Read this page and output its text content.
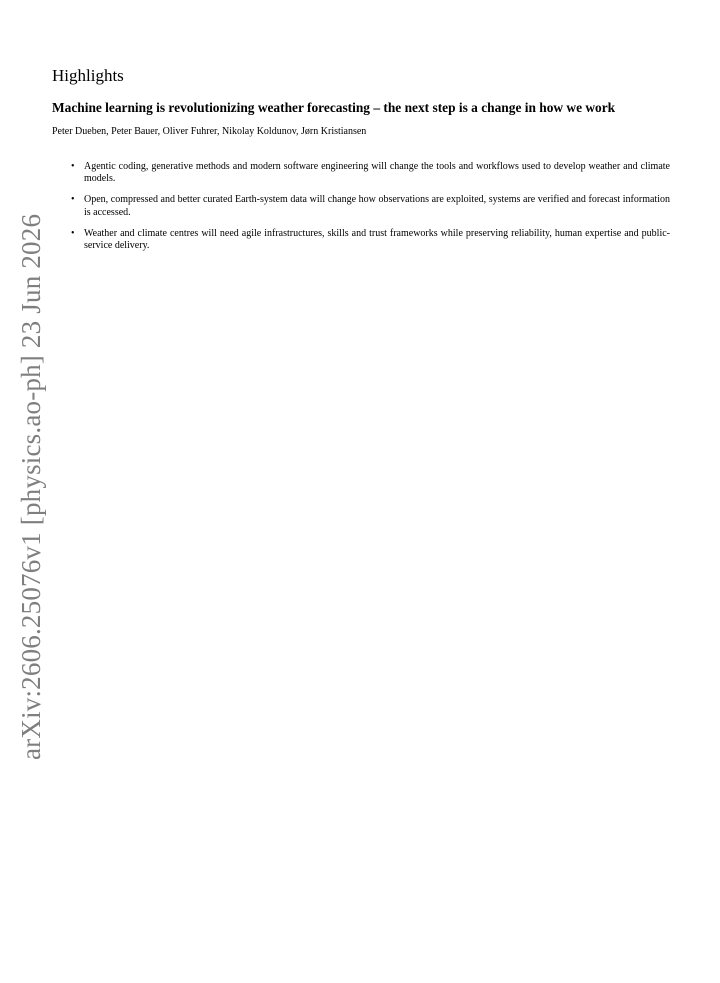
arXiv:2606.25076v1 [physics.ao-ph] 23 Jun 2026
Highlights
Machine learning is revolutionizing weather forecasting – the next step is a change in how we work

Peter Dueben, Peter Bauer, Oliver Fuhrer, Nikolay Koldunov, Jørn Kristiansen

• Agentic coding, generative methods and modern software engineering will change the tools and workflows used to develop weather and climate models.
• Open, compressed and better curated Earth-system data will change how observations are exploited, systems are verified and forecast information is accessed.
• Weather and climate centres will need agile infrastructures, skills and trust frameworks while preserving reliability, human expertise and public-service delivery.
